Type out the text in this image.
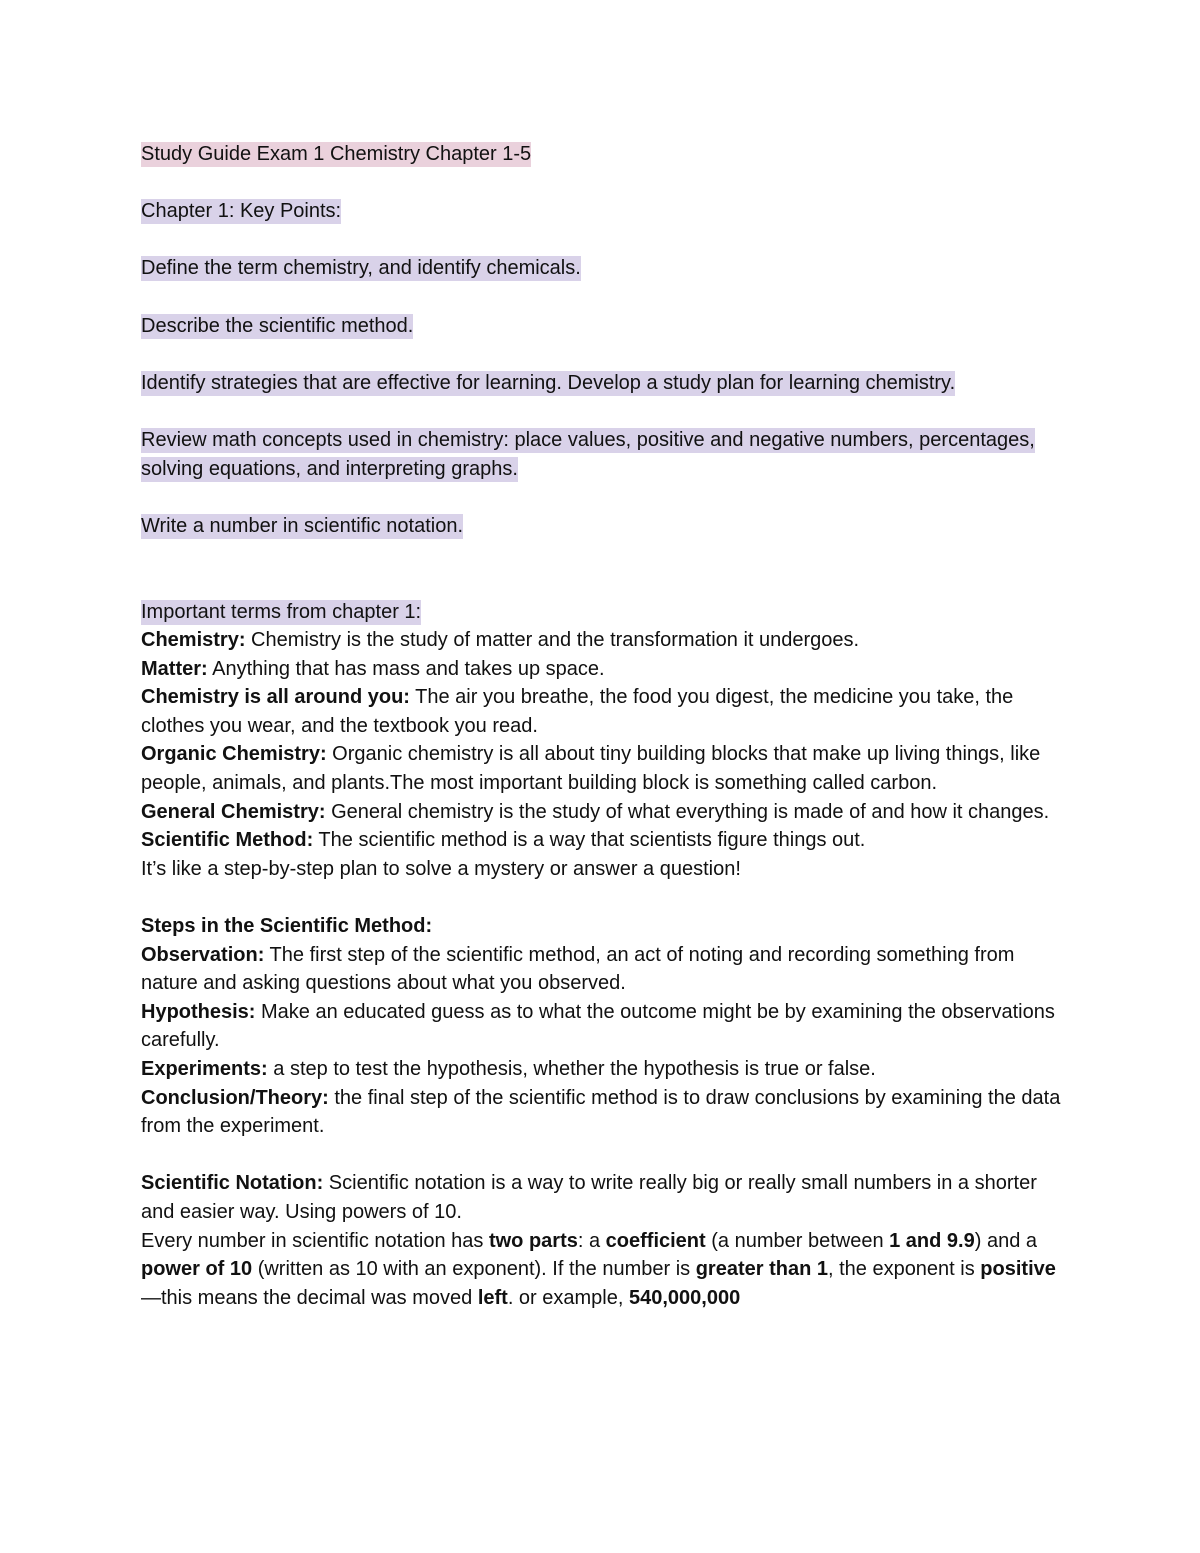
Study Guide Exam 1 Chemistry Chapter 1-5

Chapter 1: Key Points:

Define the term chemistry, and identify chemicals.

Describe the scientific method.

Identify strategies that are effective for learning. Develop a study plan for learning chemistry.

Review math concepts used in chemistry: place values, positive and negative numbers, percentages, solving equations, and interpreting graphs.

Write a number in scientific notation.

Important terms from chapter 1:

Chemistry: Chemistry is the study of matter and the transformation it undergoes.

Matter: Anything that has mass and takes up space.

Chemistry is all around you: The air you breathe, the food you digest, the medicine you take, the clothes you wear, and the textbook you read.

Organic Chemistry: Organic chemistry is all about tiny building blocks that make up living things, like people, animals, and plants.The most important building block is something called carbon.

General Chemistry: General chemistry is the study of what everything is made of and how it changes.

Scientific Method: The scientific method is a way that scientists figure things out.

It’s like a step-by-step plan to solve a mystery or answer a question!

Steps in the Scientific Method:

Observation: The first step of the scientific method, an act of noting and recording something from nature and asking questions about what you observed.

Hypothesis: Make an educated guess as to what the outcome might be by examining the observations carefully.

Experiments: a step to test the hypothesis, whether the hypothesis is true or false.

Conclusion/Theory: the final step of the scientific method is to draw conclusions by examining the data from the experiment.

Scientific Notation: Scientific notation is a way to write really big or really small numbers in a shorter and easier way. Using powers of 10.

Every number in scientific notation has two parts: a coefficient (a number between 1 and 9.9) and a power of 10 (written as 10 with an exponent). If the number is greater than 1, the exponent is positive—this means the decimal was moved left. or example, 540,000,000
